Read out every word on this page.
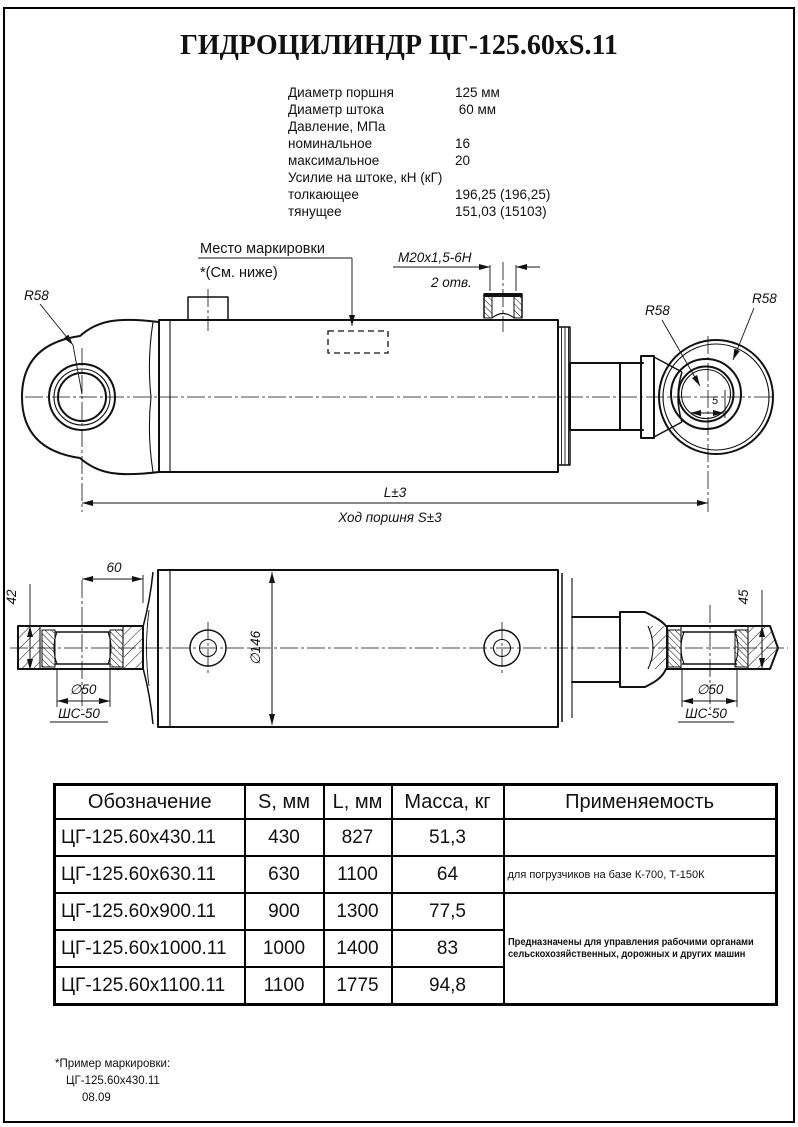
ГИДРОЦИЛИНДР ЦГ-125.60хS.11
Диаметр поршня	125 мм
Диаметр штока	60 мм
Давление, МПа
номинальное	16
максимальное	20
Усилие на штоке, кН (кГ)
толкающее	196,25 (196,25)
тянущее	151,03 (15103)
Место маркировки
*(См. ниже)
M20x1,5-6H
2 отв.
5
R58
R58
R58
L±3
Ход поршня S±3
∅146
60
42
∅50
ШС-50
45
∅50
ШС-50
Обозначение	S, мм	L, мм	Масса, кг	Применяемость
ЦГ-125.60х430.11	430	827	51,3	
ЦГ-125.60х630.11	630	1100	64	для погрузчиков на базе К-700, Т-150К
ЦГ-125.60х900.11	900	1300	77,5	Предназначены для управления рабочими органами
сельскохозяйственных, дорожных и других машин

ЦГ-125.60х1000.11	1000	1400	83	
ЦГ-125.60х1100.11	1100	1775	94,8	
*Пример маркировки:
ЦГ-125.60х430.11
08.09
